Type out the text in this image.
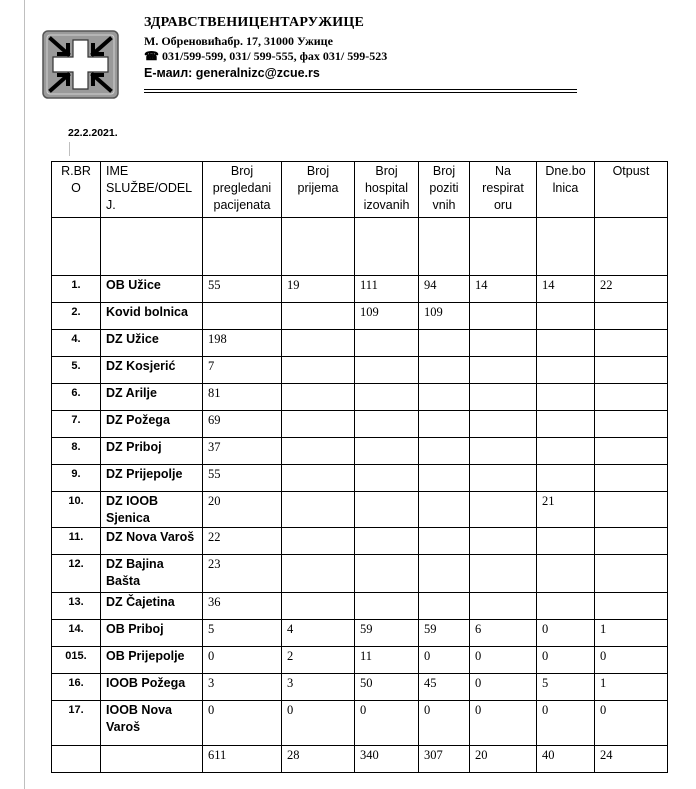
ЗДРАВСТВЕНИЦЕНТАРУЖИЦЕ
М. Обреновићабр. 17, 31000 Ужице
☎ 031/599-599, 031/ 599-555, фах 031/ 599-523
Е-маил: generalnizc@zcue.rs
22.2.2021.
R.BR
O	IME
SLUŽBE/ODEL
J.	Broj
pregledani
pacijenata	Broj
prijema	Broj
hospital
izovanih	Broj
poziti
vnih	Na
respirat
oru	Dne.bo
lnica	Otpust

1.	OB Užice	55	19	111	94	14	14	22
2.	Kovid bolnica			109	109			
4.	DZ Užice	198						
5.	DZ Kosjerić	7						
6.	DZ Arilje	81						
7.	DZ Požega	69						
8.	DZ Priboj	37						
9.	DZ Prijepolje	55						
10.	DZ IOOB Sjenica	20					21	
11.	DZ Nova Varoš	22						
12.	DZ Bajina Bašta	23						
13.	DZ Čajetina	36						
14.	OB Priboj	5	4	59	59	6	0	1
015.	OB Prijepolje	0	2	11	0	0	0	0
16.	IOOB Požega	3	3	50	45	0	5	1
17.	IOOB Nova Varoš	0	0	0	0	0	0	0
		611	28	340	307	20	40	24
